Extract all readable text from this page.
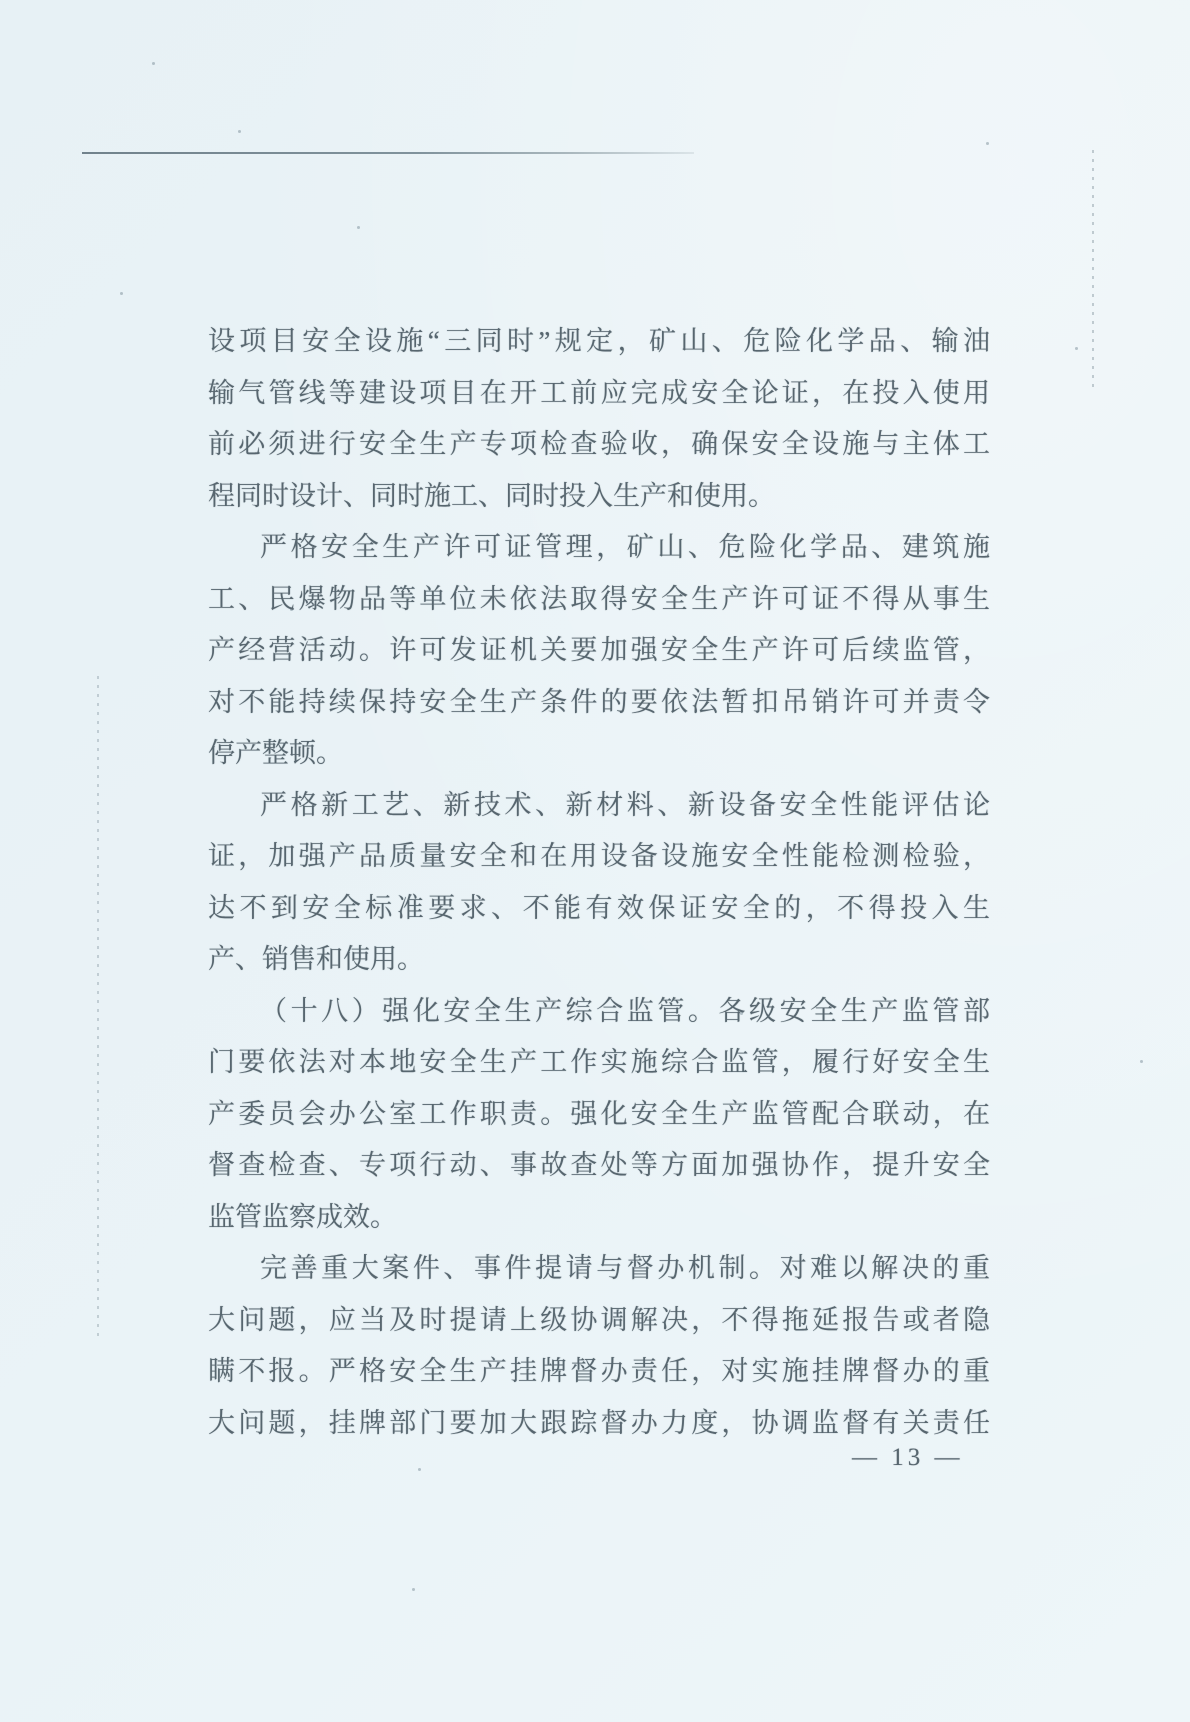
设项目安全设施“三同时”规定，矿山、危险化学品、输油
输气管线等建设项目在开工前应完成安全论证，在投入使用
前必须进行安全生产专项检查验收，确保安全设施与主体工
程同时设计、同时施工、同时投入生产和使用。
严格安全生产许可证管理，矿山、危险化学品、建筑施
工、民爆物品等单位未依法取得安全生产许可证不得从事生
产经营活动。许可发证机关要加强安全生产许可后续监管，
对不能持续保持安全生产条件的要依法暂扣吊销许可并责令
停产整顿。
严格新工艺、新技术、新材料、新设备安全性能评估论
证，加强产品质量安全和在用设备设施安全性能检测检验，
达不到安全标准要求、不能有效保证安全的，不得投入生
产、销售和使用。
（十八）强化安全生产综合监管。各级安全生产监管部
门要依法对本地安全生产工作实施综合监管，履行好安全生
产委员会办公室工作职责。强化安全生产监管配合联动，在
督查检查、专项行动、事故查处等方面加强协作，提升安全
监管监察成效。
完善重大案件、事件提请与督办机制。对难以解决的重
大问题，应当及时提请上级协调解决，不得拖延报告或者隐
瞒不报。严格安全生产挂牌督办责任，对实施挂牌督办的重
大问题，挂牌部门要加大跟踪督办力度，协调监督有关责任
— 13 —
